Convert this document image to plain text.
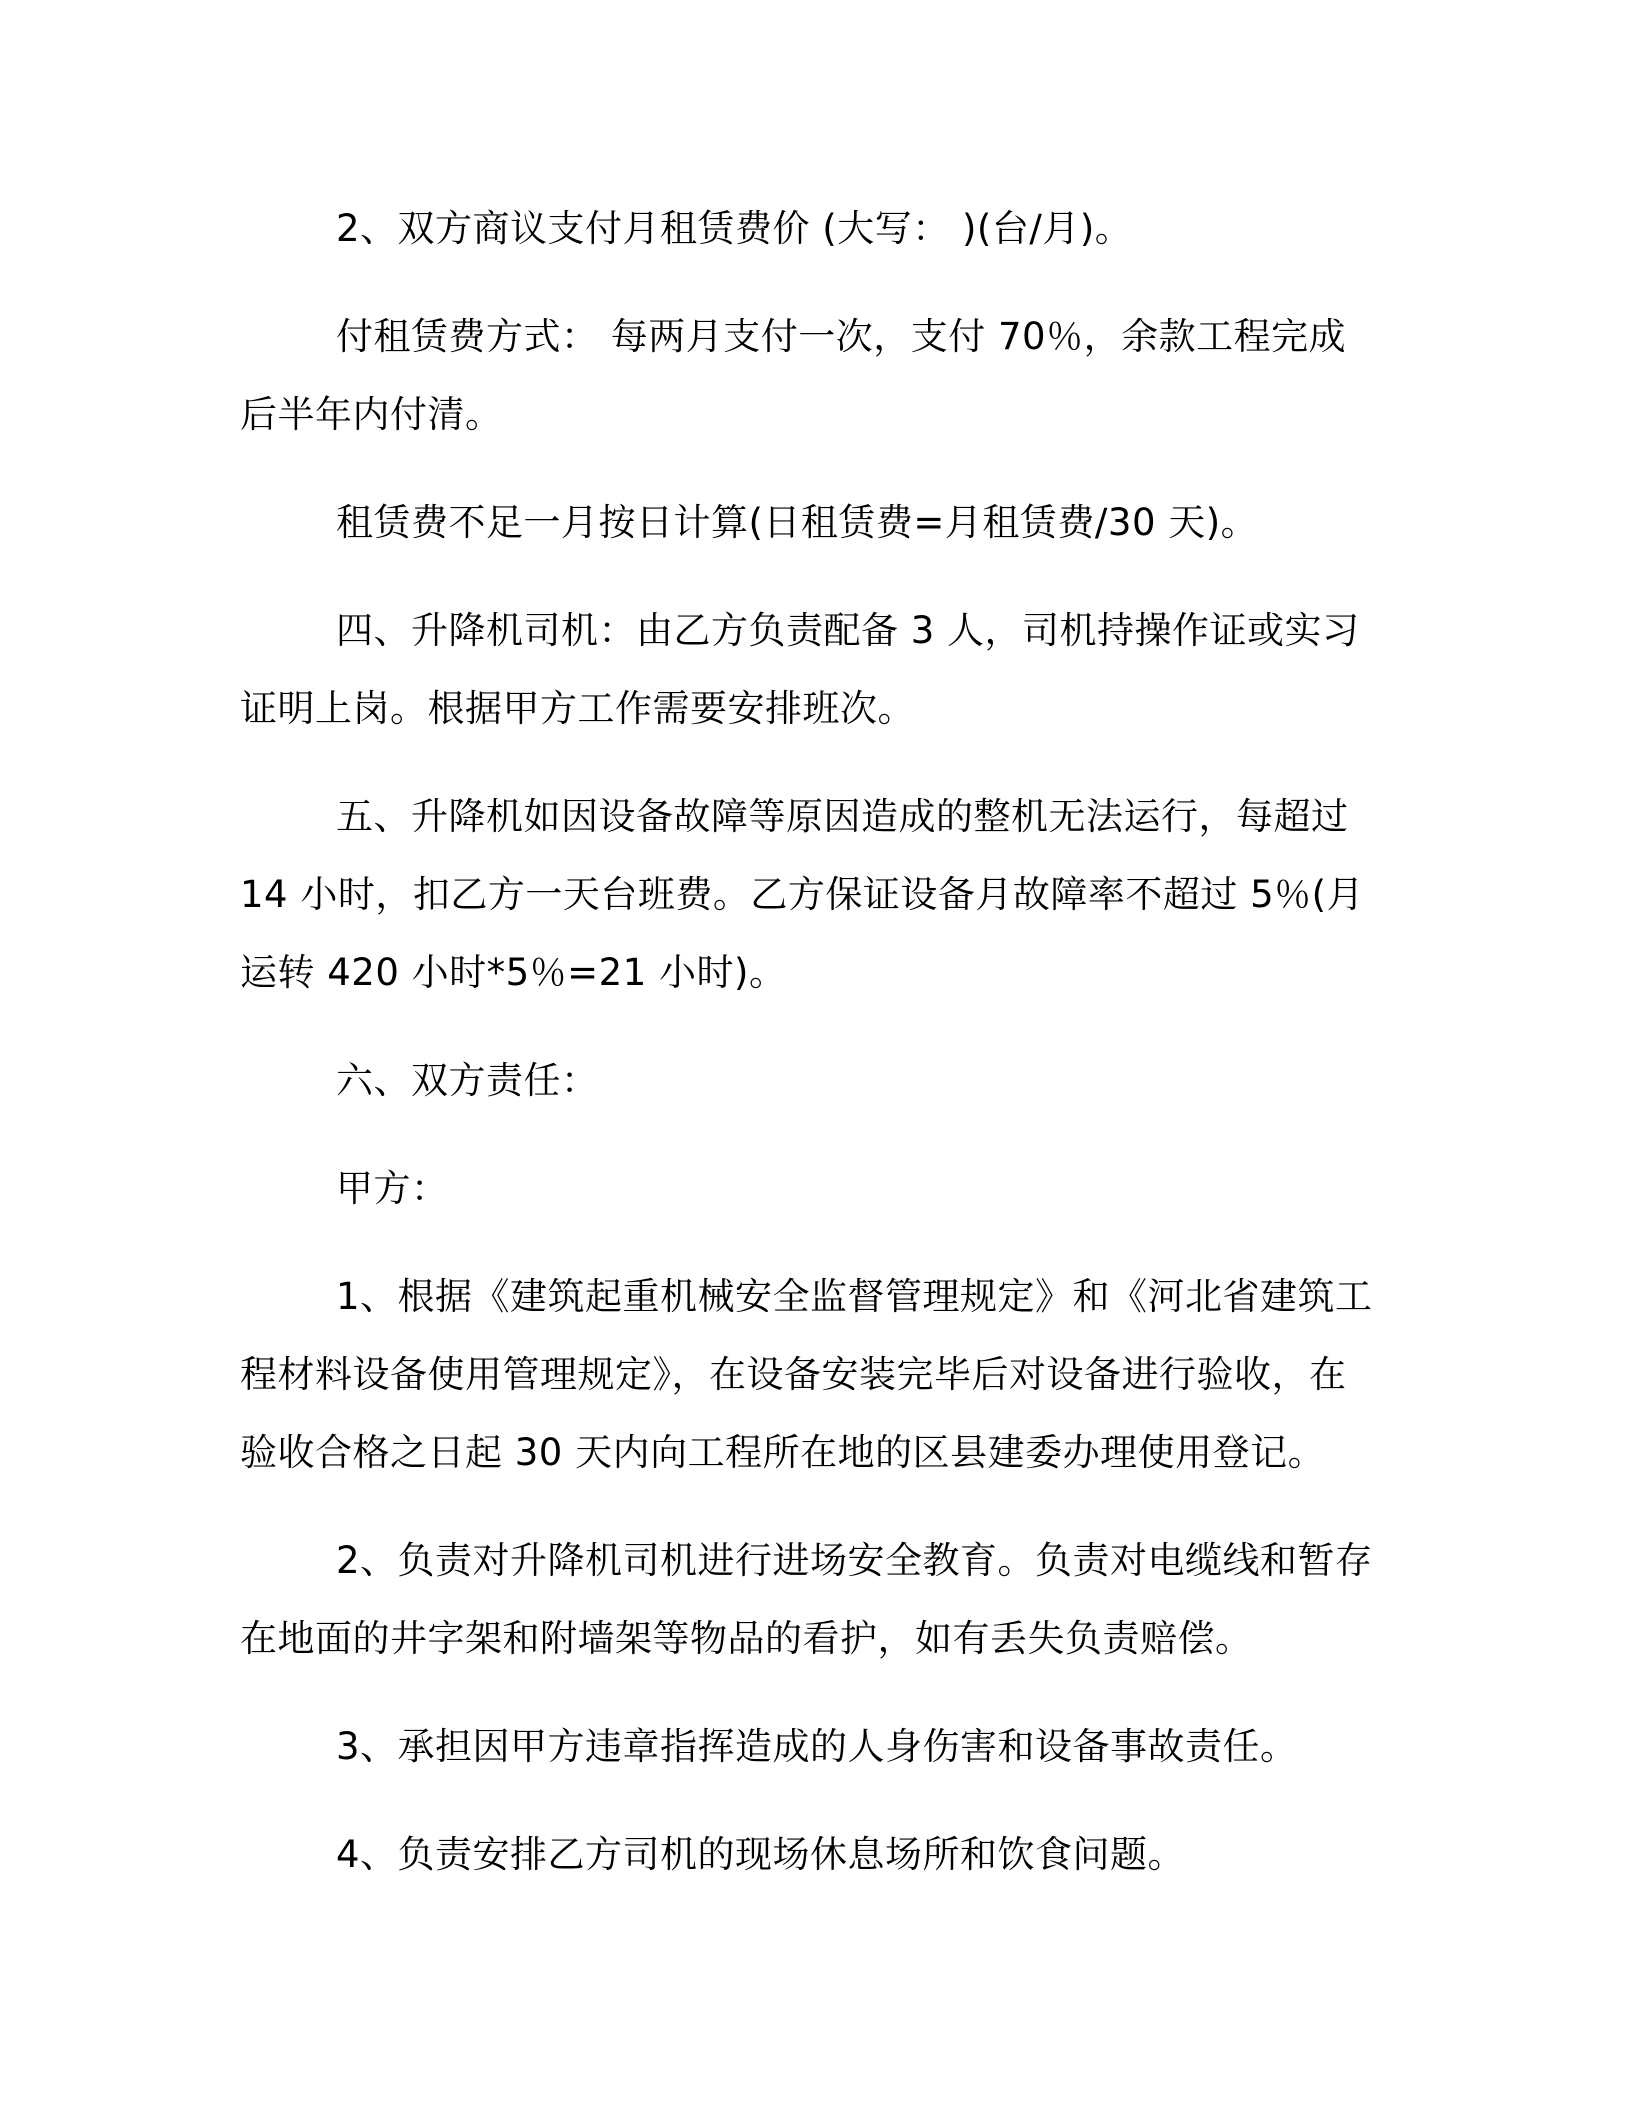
2、双方商议支付月租赁费价 (大写： )(台/月)。

付租赁费方式： 每两月支付一次，支付 70％，余款工程完成后半年内付清。

租赁费不足一月按日计算(日租赁费=月租赁费/30 天)。

四、升降机司机：由乙方负责配备 3 人，司机持操作证或实习证明上岗。根据甲方工作需要安排班次。

五、升降机如因设备故障等原因造成的整机无法运行，每超过 14 小时，扣乙方一天台班费。乙方保证设备月故障率不超过 5％(月运转 420 小时*5％=21 小时)。

六、双方责任：

甲方：

1、根据《建筑起重机械安全监督管理规定》和《河北省建筑工程材料设备使用管理规定》，在设备安装完毕后对设备进行验收，在验收合格之日起 30 天内向工程所在地的区县建委办理使用登记。

2、负责对升降机司机进行进场安全教育。负责对电缆线和暂存在地面的井字架和附墙架等物品的看护，如有丢失负责赔偿。

3、承担因甲方违章指挥造成的人身伤害和设备事故责任。

4、负责安排乙方司机的现场休息场所和饮食问题。
